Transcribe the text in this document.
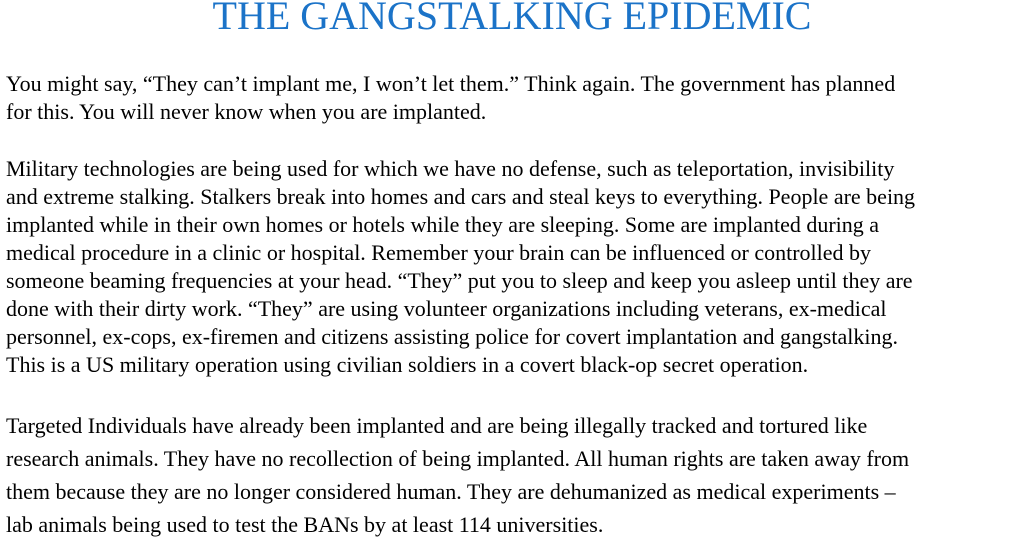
THE GANGSTALKING EPIDEMIC
You might say, “They can’t implant me, I won’t let them.” Think again. The government has planned
for this. You will never know when you are implanted.
Military technologies are being used for which we have no defense, such as teleportation, invisibility
and extreme stalking. Stalkers break into homes and cars and steal keys to everything. People are being
implanted while in their own homes or hotels while they are sleeping. Some are implanted during a
medical procedure in a clinic or hospital. Remember your brain can be influenced or controlled by
someone beaming frequencies at your head. “They” put you to sleep and keep you asleep until they are
done with their dirty work. “They” are using volunteer organizations including veterans, ex-medical
personnel, ex-cops, ex-firemen and citizens assisting police for covert implantation and gangstalking.
This is a US military operation using civilian soldiers in a covert black-op secret operation.
Targeted Individuals have already been implanted and are being illegally tracked and tortured like
research animals. They have no recollection of being implanted. All human rights are taken away from
them because they are no longer considered human. They are dehumanized as medical experiments –
lab animals being used to test the BANs by at least 114 universities.
